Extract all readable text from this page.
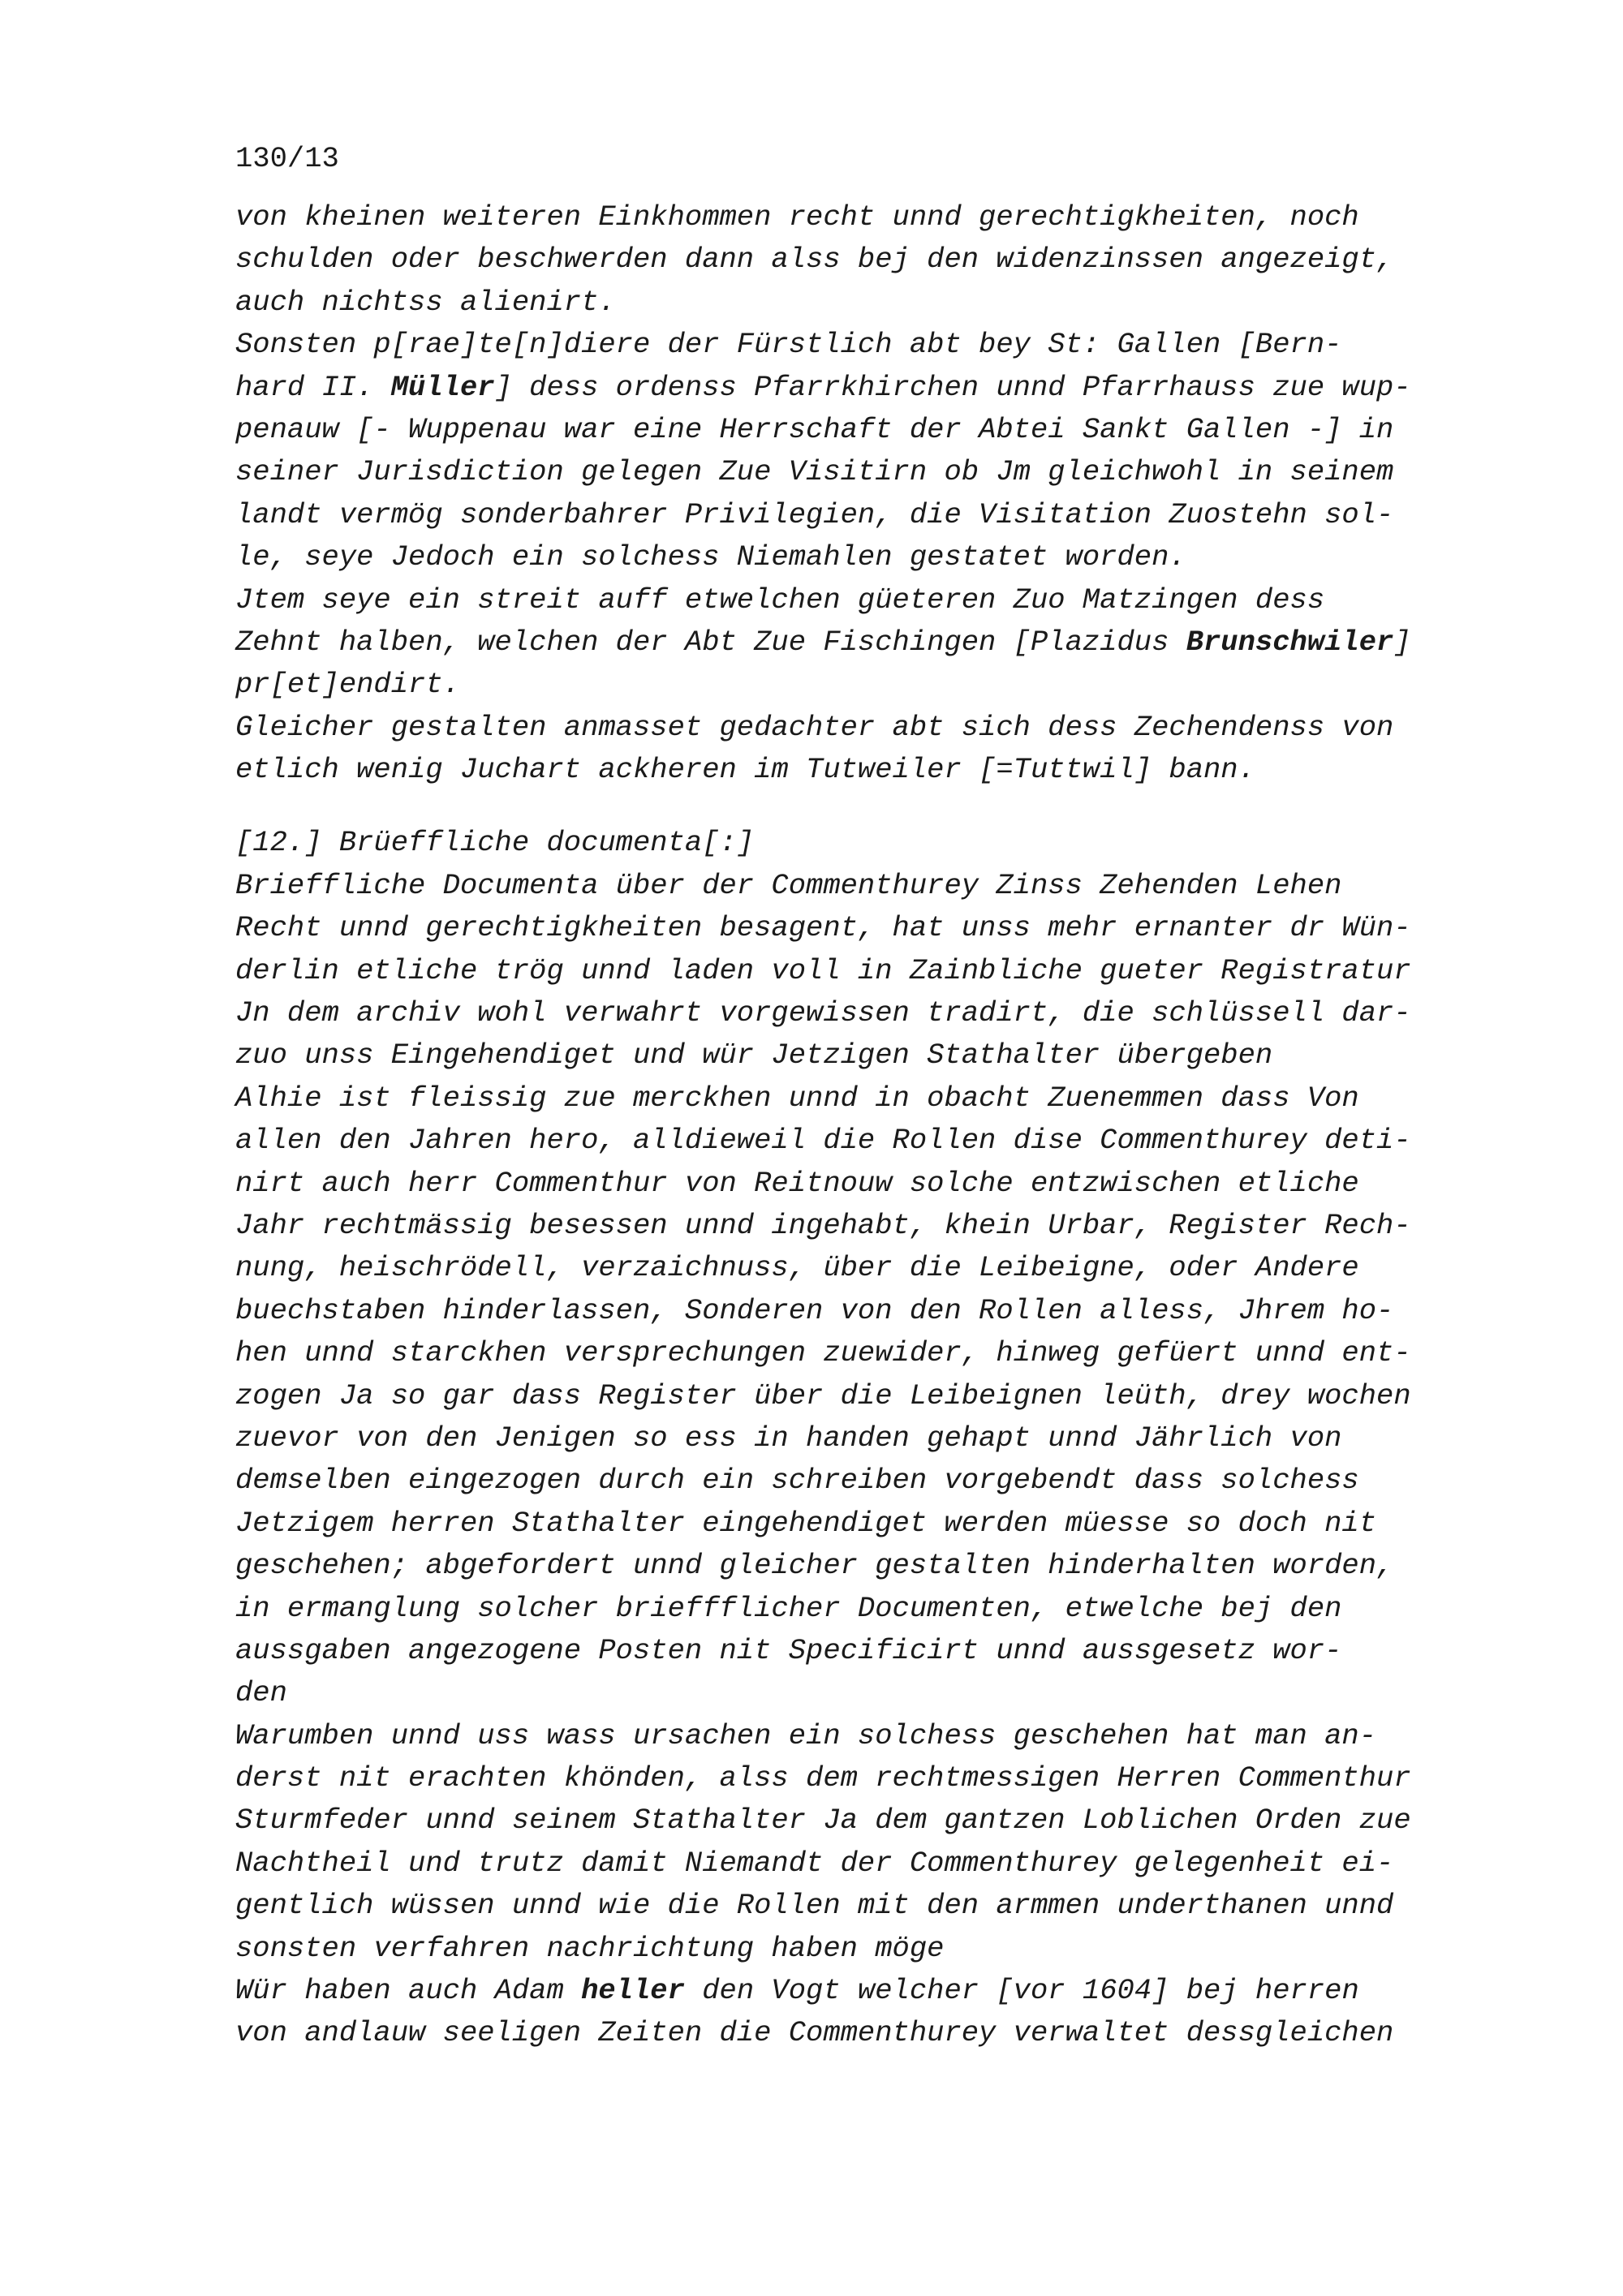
130/13
von kheinen weiteren Einkhommen recht unnd gerechtigkheiten, noch
schulden oder beschwerden dann alss bej den widenzinssen angezeigt,
auch nichtss alienirt.
Sonsten p[rae]te[n]diere der Fürstlich abt bey St: Gallen [Bern-
hard II. Müller] dess ordenss Pfarrkhirchen unnd Pfarrhauss zue wup-
penauw [- Wuppenau war eine Herrschaft der Abtei Sankt Gallen -] in
seiner Jurisdiction gelegen Zue Visitirn ob Jm gleichwohl in seinem
landt vermög sonderbahrer Privilegien, die Visitation Zuostehn sol-
le, seye Jedoch ein solchess Niemahlen gestatet worden.
Jtem seye ein streit auff etwelchen güeteren Zuo Matzingen dess
Zehnt halben, welchen der Abt Zue Fischingen [Plazidus Brunschwiler]
pr[et]endirt.
Gleicher gestalten anmasset gedachter abt sich dess Zechendenss von
etlich wenig Juchart ackheren im Tutweiler [=Tuttwil] bann.
[12.] Brüeffliche documenta[:]
Brieffliche Documenta über der Commenthurey Zinss Zehenden Lehen
Recht unnd gerechtigkheiten besagent, hat unss mehr ernanter dr Wün-
derlin etliche trög unnd laden voll in Zainbliche gueter Registratur
Jn dem archiv wohl verwahrt vorgewissen tradirt, die schlüssell dar-
zuo unss Eingehendiget und wür Jetzigen Stathalter übergeben
Alhie ist fleissig zue merckhen unnd in obacht Zuenemmen dass Von
allen den Jahren hero, alldieweil die Rollen dise Commenthurey deti-
nirt auch herr Commenthur von Reitnouw solche entzwischen etliche
Jahr rechtmässig besessen unnd ingehabt, khein Urbar, Register Rech-
nung, heischrödell, verzaichnuss, über die Leibeigne, oder Andere
buechstaben hinderlassen, Sonderen von den Rollen alless, Jhrem ho-
hen unnd starckhen versprechungen zuewider, hinweg gefüert unnd ent-
zogen Ja so gar dass Register über die Leibeignen leüth, drey wochen
zuevor von den Jenigen so ess in handen gehapt unnd Jährlich von
demselben eingezogen durch ein schreiben vorgebendt dass solchess
Jetzigem herren Stathalter eingehendiget werden müesse so doch nit
geschehen; abgefordert unnd gleicher gestalten hinderhalten worden,
in ermanglung solcher brieffflicher Documenten, etwelche bej den
aussgaben angezogene Posten nit Specificirt unnd aussgesetz wor-
den
Warumben unnd uss wass ursachen ein solchess geschehen hat man an-
derst nit erachten khönden, alss dem rechtmessigen Herren Commenthur
Sturmfeder unnd seinem Stathalter Ja dem gantzen Loblichen Orden zue
Nachtheil und trutz damit Niemandt der Commenthurey gelegenheit ei-
gentlich wüssen unnd wie die Rollen mit den armmen underthanen unnd
sonsten verfahren nachrichtung haben möge
Wür haben auch Adam heller den Vogt welcher [vor 1604] bej herren
von andlauw seeligen Zeiten die Commenthurey verwaltet dessgleichen
